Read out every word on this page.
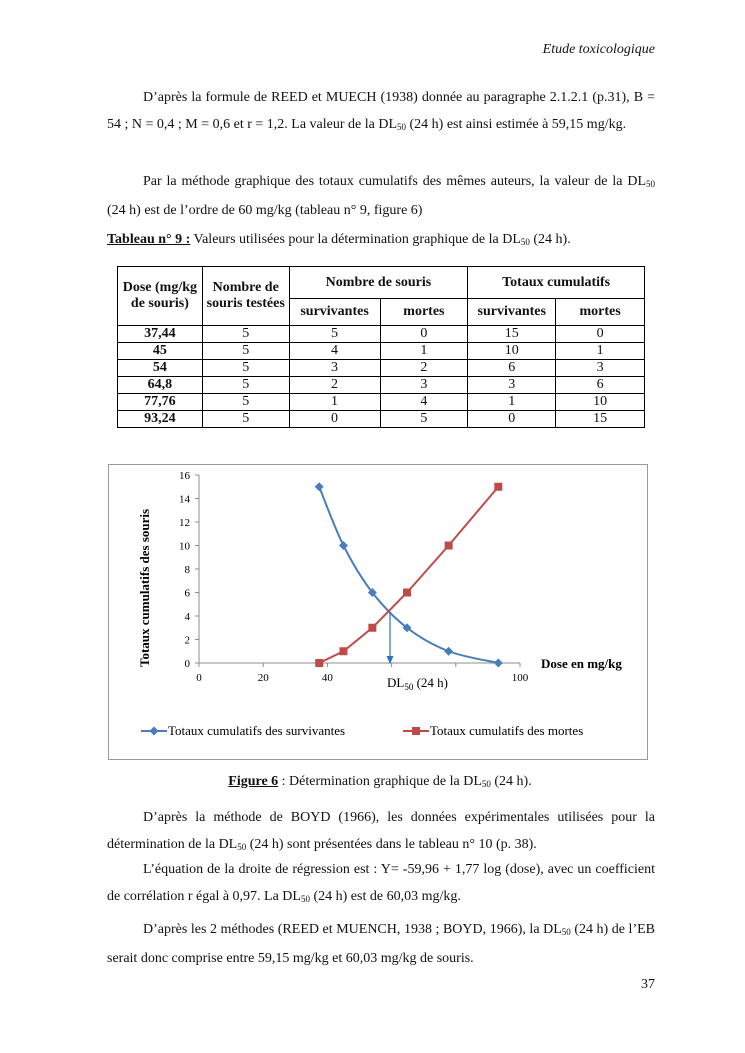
Etude toxicologique

D’après la formule de REED et MUECH (1938) donnée au paragraphe 2.1.2.1 (p.31), B = 54 ; N = 0,4 ; M = 0,6 et r = 1,2. La valeur de la $DL_{50}$ (24 h) est ainsi estimée à 59,15 mg/kg.

Par la méthode graphique des totaux cumulatifs des mêmes auteurs, la valeur de la $DL_{50}$ (24 h) est de l’ordre de 60 mg/kg (tableau n° 9, figure 6)

Tableau n° 9 : Valeurs utilisées pour la détermination graphique de la $DL_{50}$ (24 h).
Dose (mg/kg de souris)	Nombre de souris testées	Nombre de souris		Totaux cumulatifs	
		survivantes	mortes	survivantes	mortes
37,44	5	5	0	15	0
45	5	4	1	10	1
54	5	3	2	6	3
64,8	5	2	3	3	6
77,76	5	1	4	1	10
93,24	5	0	5	0	15
0
2
4
6
8
10
12
14
16
0	20	40	100
Totaux cumulatifs des souris	Dose en mg/kg
$DL_{50}$ (24 h)
Totaux cumulatifs des survivantes	Totaux cumulatifs des mortes
Figure 6 : Détermination graphique de la $DL_{50}$ (24 h).

D’après la méthode de BOYD (1966), les données expérimentales utilisées pour la détermination de la $DL_{50}$ (24 h) sont présentées dans le tableau n° 10 (p. 38).

L’équation de la droite de régression est : Y= -59,96 + 1,77 log (dose), avec un coefficient de corrélation r égal à 0,97. La $DL_{50}$ (24 h) est de 60,03 mg/kg.

D’après les 2 méthodes (REED et MUENCH, 1938 ; BOYD, 1966), la $DL_{50}$ (24 h) de l’EB serait donc comprise entre 59,15 mg/kg et 60,03 mg/kg de souris.

37
